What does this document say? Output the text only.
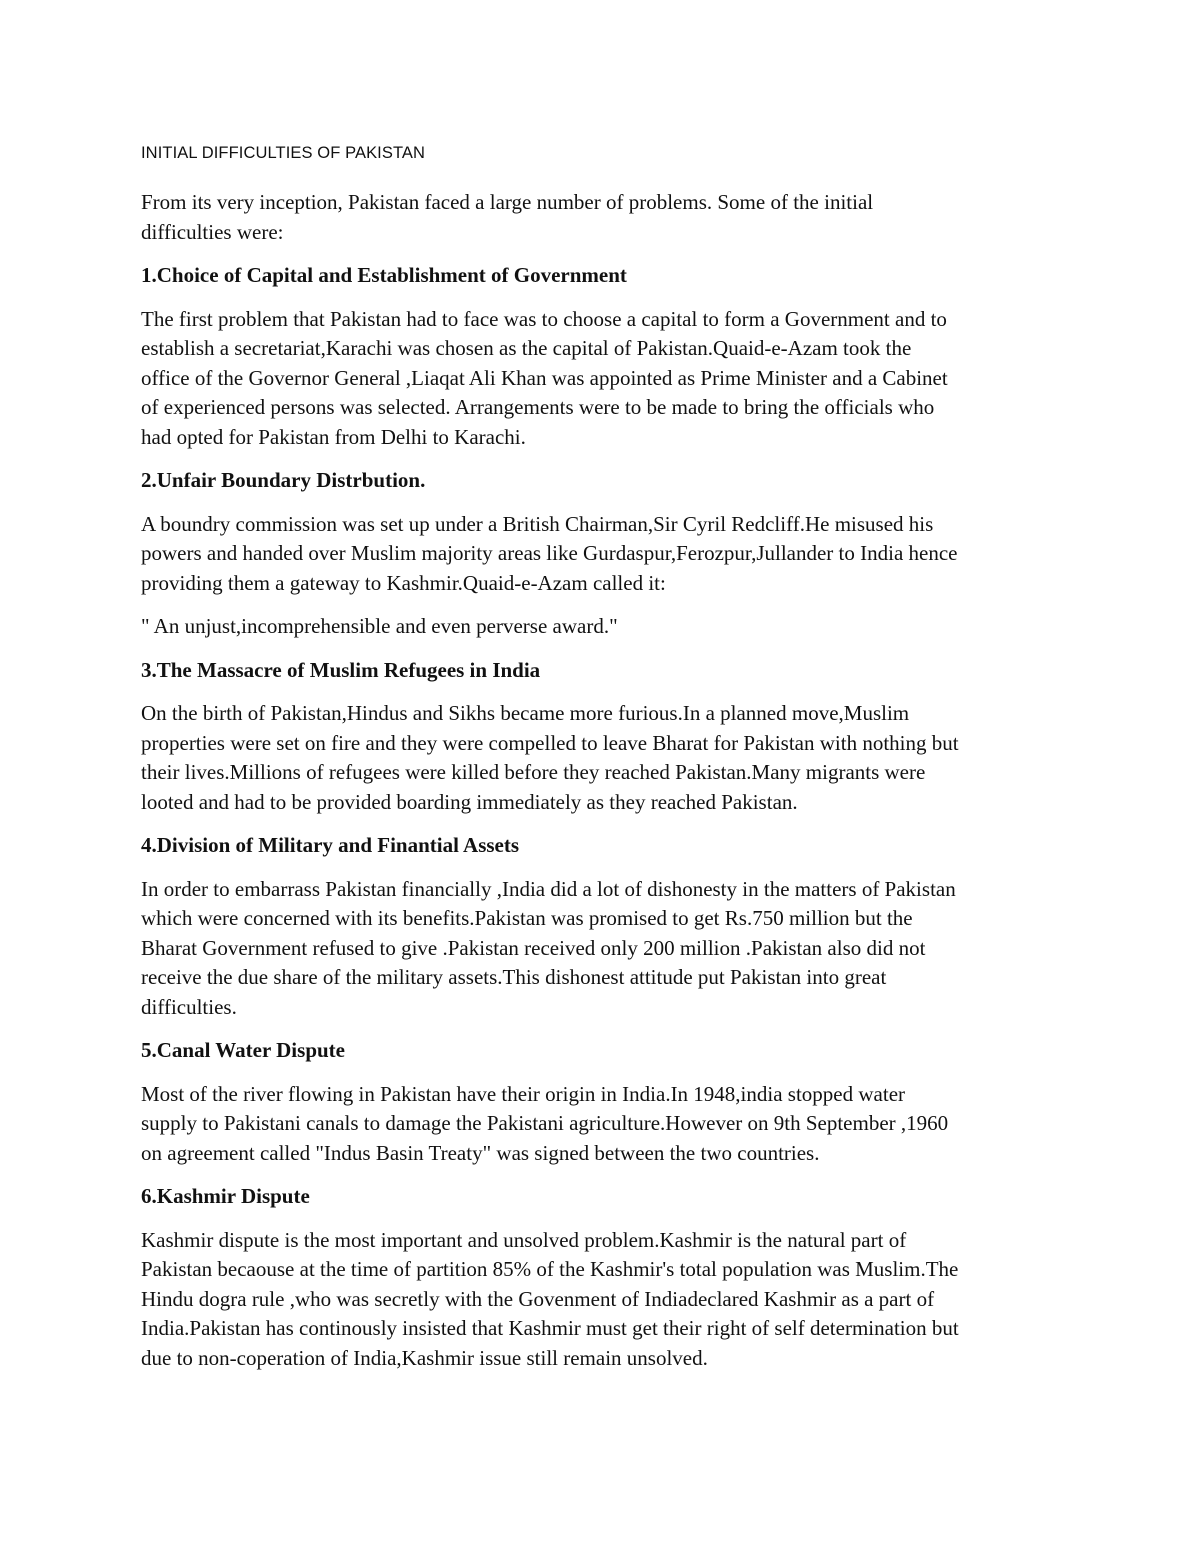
INITIAL DIFFICULTIES OF PAKISTAN

From its very inception, Pakistan faced a large number of problems. Some of the initial
difficulties were:

1.Choice of Capital and Establishment of Government

The first problem that Pakistan had to face was to choose a capital to form a Government and to
establish a secretariat,Karachi was chosen as the capital of Pakistan.Quaid-e-Azam took the
office of the Governor General ,Liaqat Ali Khan was appointed as Prime Minister and a Cabinet
of experienced persons was selected. Arrangements were to be made to bring the officials who
had opted for Pakistan from Delhi to Karachi.

2.Unfair Boundary Distrbution.

A boundry commission was set up under a British Chairman,Sir Cyril Redcliff.He misused his
powers and handed over Muslim majority areas like Gurdaspur,Ferozpur,Jullander to India hence
providing them a gateway to Kashmir.Quaid-e-Azam called it:

" An unjust,incomprehensible and even perverse award."

3.The Massacre of Muslim Refugees in India

On the birth of Pakistan,Hindus and Sikhs became more furious.In a planned move,Muslim
properties were set on fire and they were compelled to leave Bharat for Pakistan with nothing but
their lives.Millions of refugees were killed before they reached Pakistan.Many migrants were
looted and had to be provided boarding immediately as they reached Pakistan.

4.Division of Military and Finantial Assets

In order to embarrass Pakistan financially ,India did a lot of dishonesty in the matters of Pakistan
which were concerned with its benefits.Pakistan was promised to get Rs.750 million but the
Bharat Government refused to give .Pakistan received only 200 million .Pakistan also did not
receive the due share of the military assets.This dishonest attitude put Pakistan into great
difficulties.

5.Canal Water Dispute

Most of the river flowing in Pakistan have their origin in India.In 1948,india stopped water
supply to Pakistani canals to damage the Pakistani agriculture.However on 9th September ,1960
on agreement called "Indus Basin Treaty" was signed between the two countries.

6.Kashmir Dispute

Kashmir dispute is the most important and unsolved problem.Kashmir is the natural part of
Pakistan becaouse at the time of partition 85% of the Kashmir's total population was Muslim.The
Hindu dogra rule ,who was secretly with the Govenment of Indiadeclared Kashmir as a part of
India.Pakistan has continously insisted that Kashmir must get their right of self determination but
due to non-coperation of India,Kashmir issue still remain unsolved.
